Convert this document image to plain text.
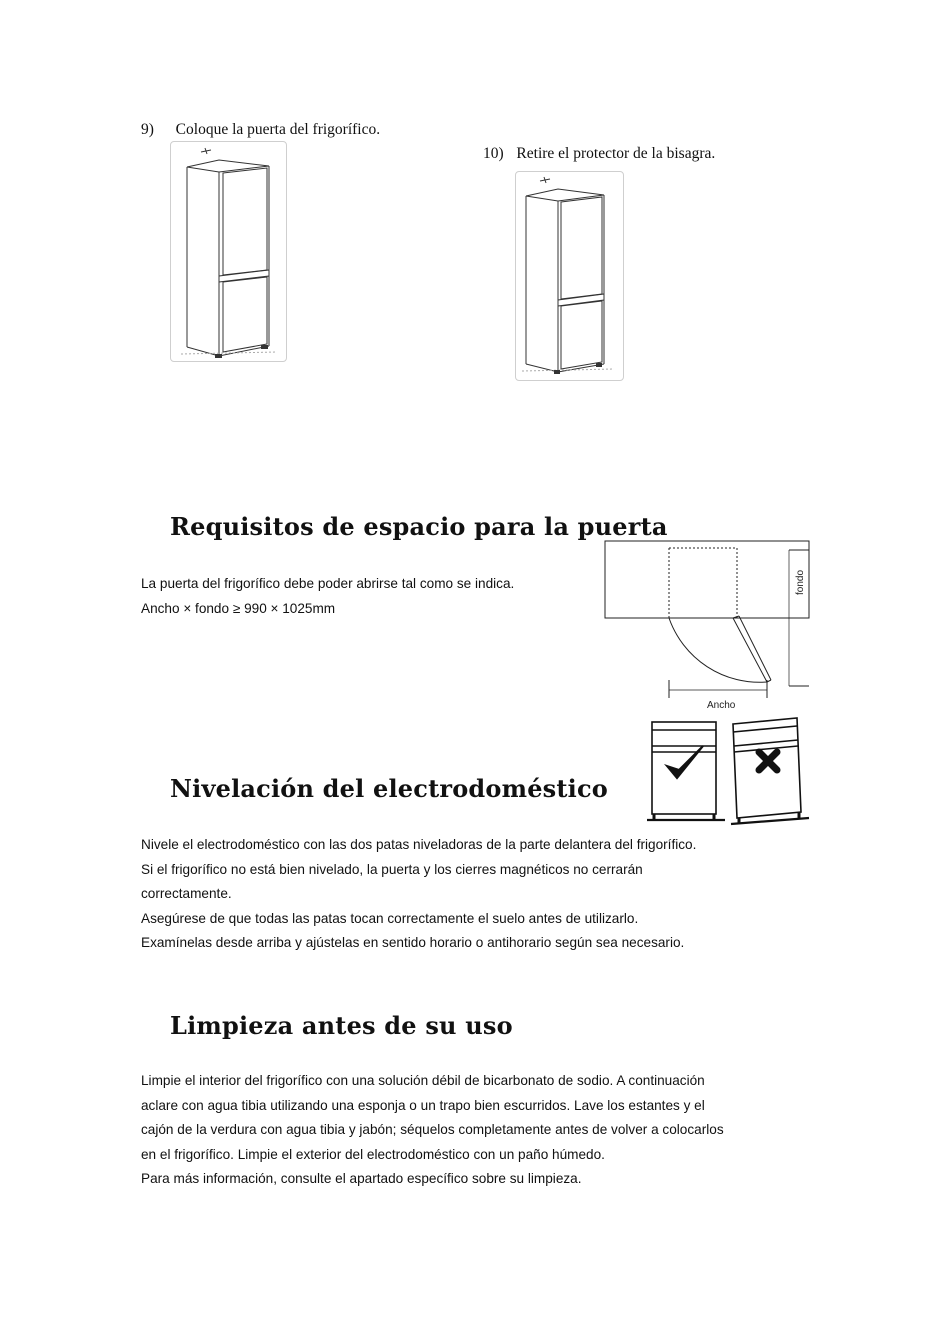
9) Coloque la puerta del frigorífico.
10) Retire el protector de la bisagra.
Requisitos de espacio para la puerta
La puerta del frigorífico debe poder abrirse tal como se indica.
Ancho × fondo ≥ 990 × 1025mm
fondo
Ancho
Nivelación del electrodoméstico
Nivele el electrodoméstico con las dos patas niveladoras de la parte delantera del frigorífico.
Si el frigorífico no está bien nivelado, la puerta y los cierres magnéticos no cerrarán
correctamente.
Asegúrese de que todas las patas tocan correctamente el suelo antes de utilizarlo.
Examínelas desde arriba y ajústelas en sentido horario o antihorario según sea necesario.
Limpieza antes de su uso
Limpie el interior del frigorífico con una solución débil de bicarbonato de sodio. A continuación
aclare con agua tibia utilizando una esponja o un trapo bien escurridos. Lave los estantes y el
cajón de la verdura con agua tibia y jabón; séquelos completamente antes de volver a colocarlos
en el frigorífico. Limpie el exterior del electrodoméstico con un paño húmedo.
Para más información, consulte el apartado específico sobre su limpieza.
